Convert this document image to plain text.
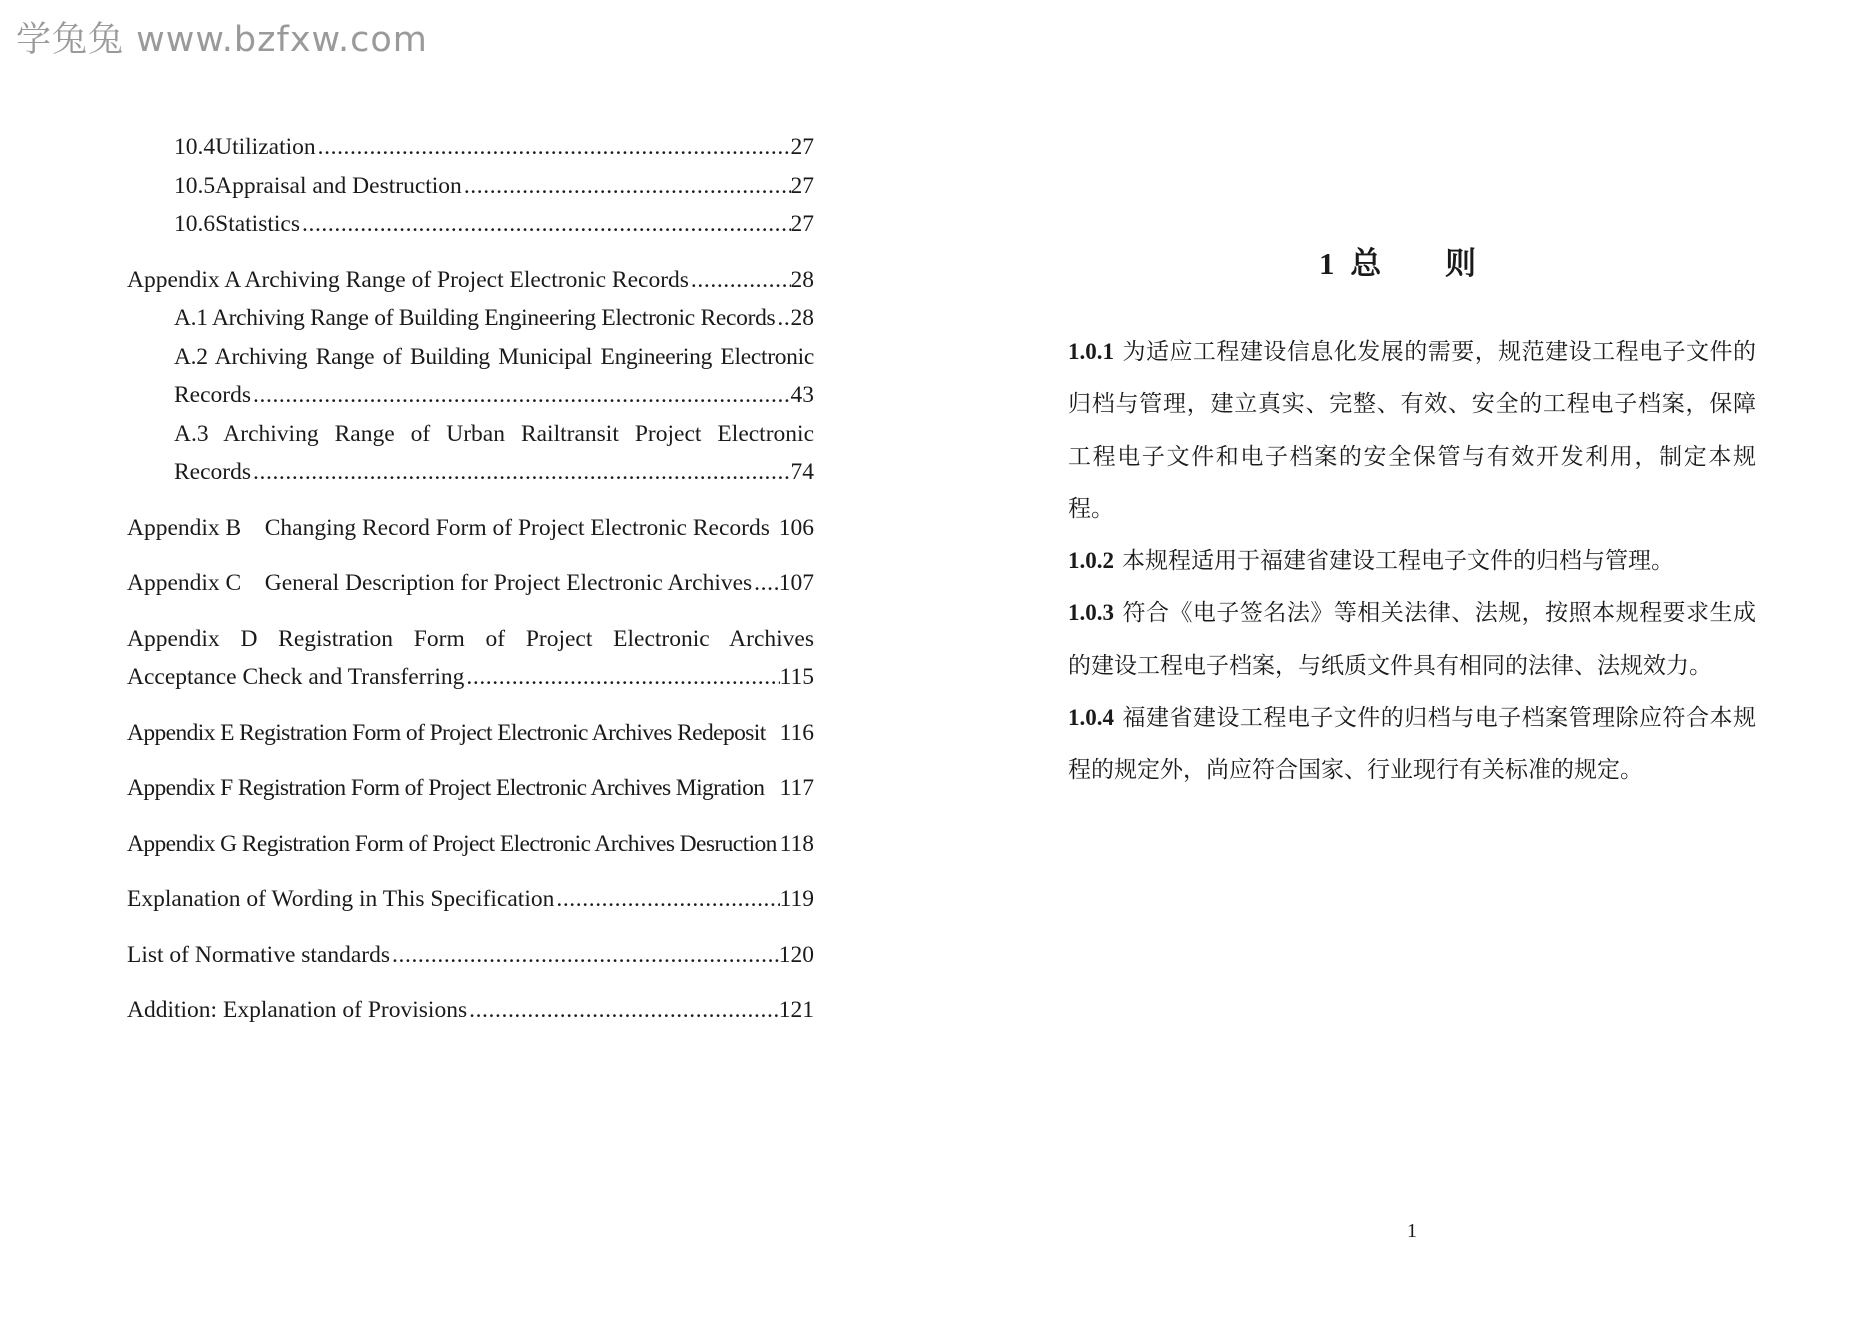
学兔兔 www.bzfxw.com
10.4 Utilization .....	27
10.5 Appraisal and Destruction .....	27
10.6 Statistics .....	27
Appendix A Archiving Range of Project Electronic Records .....	28
A.1 Archiving Range of Building Engineering Electronic Records ..... 28
A.2 Archiving Range of Building Municipal Engineering Electronic
Records .....	43
A.3 Archiving Range of Urban Railtransit Project Electronic
Records .....	74
Appendix B    Changing Record Form of Project Electronic Records 106
Appendix C    General Description for Project Electronic Archives ..... 107
Appendix D Registration Form of Project Electronic Archives
Acceptance Check and Transferring .....	115
Appendix E Registration Form of Project Electronic Archives Redeposit 116
Appendix F Registration Form of Project Electronic Archives Migration 117
Appendix G Registration Form of Project Electronic Archives Desruction 118
Explanation of Wording in This Specification .....	119
List of Normative standards .....	120
Addition: Explanation of Provisions .....	121
1 总 则
1.0.1 为适应工程建设信息化发展的需要，规范建设工程电子文件的归档与管理，建立真实、完整、有效、安全的工程电子档案，保障工程电子文件和电子档案的安全保管与有效开发利用，制定本规程。
1.0.2 本规程适用于福建省建设工程电子文件的归档与管理。
1.0.3 符合《电子签名法》等相关法律、法规，按照本规程要求生成的建设工程电子档案，与纸质文件具有相同的法律、法规效力。
1.0.4 福建省建设工程电子文件的归档与电子档案管理除应符合本规程的规定外，尚应符合国家、行业现行有关标准的规定。
1
